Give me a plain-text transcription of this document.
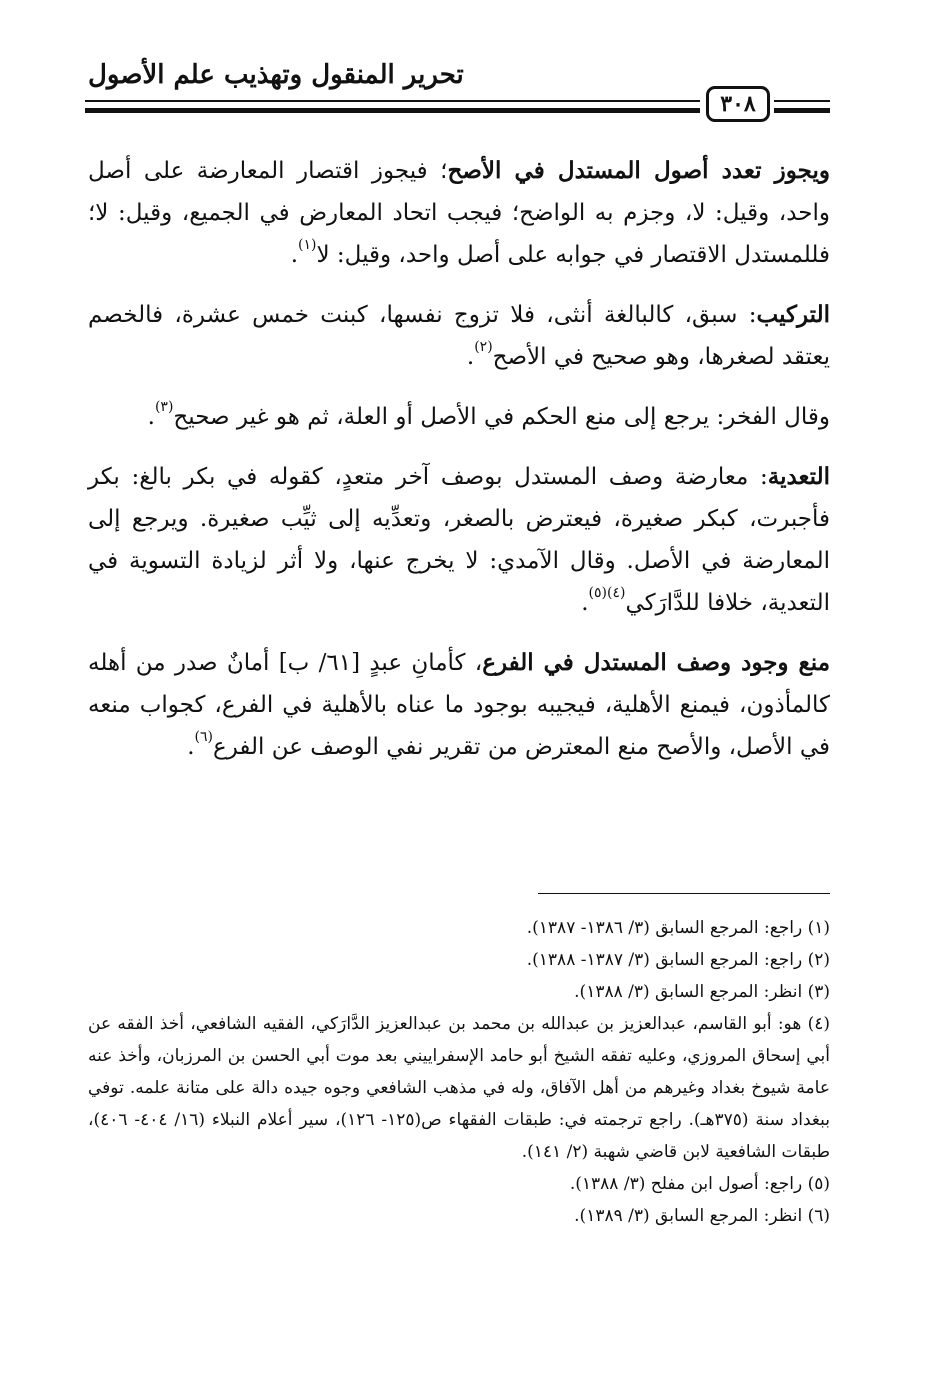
تحرير المنقول وتهذيب علم الأصول
٣٠٨

ويجوز تعدد أصول المستدل في الأصح؛ فيجوز اقتصار المعارضة على أصل واحد، وقيل: لا، وجزم به الواضح؛ فيجب اتحاد المعارض في الجميع، وقيل: لا؛ فللمستدل الاقتصار في جوابه على أصل واحد، وقيل: لا$^{(١)}$.

التركيب: سبق، كالبالغة أنثى، فلا تزوج نفسها، كبنت خمس عشرة، فالخصم يعتقد لصغرها، وهو صحيح في الأصح$^{(٢)}$.

وقال الفخر: يرجع إلى منع الحكم في الأصل أو العلة، ثم هو غير صحيح$^{(٣)}$.

التعدية: معارضة وصف المستدل بوصف آخر متعدٍ، كقوله في بكر بالغ: بكر فأجبرت، كبكر صغيرة، فيعترض بالصغر، وتعدِّيه إلى ثيِّب صغيرة. ويرجع إلى المعارضة في الأصل. وقال الآمدي: لا يخرج عنها، ولا أثر لزيادة التسوية في التعدية، خلافا للدَّارَكي$^{(٤)(٥)}$.

منع وجود وصف المستدل في الفرع، كأمانِ عبدٍ [٦١/ ب] أمانٌ صدر من أهله كالمأذون، فيمنع الأهلية، فيجيبه بوجود ما عناه بالأهلية في الفرع، كجواب منعه في الأصل، والأصح منع المعترض من تقرير نفي الوصف عن الفرع$^{(٦)}$.

(١) راجع: المرجع السابق (٣/ ١٣٨٦- ١٣٨٧).

(٢) راجع: المرجع السابق (٣/ ١٣٨٧- ١٣٨٨).

(٣) انظر: المرجع السابق (٣/ ١٣٨٨).

(٤) هو: أبو القاسم، عبدالعزيز بن عبدالله بن محمد بن عبدالعزيز الدَّارَكي، الفقيه الشافعي، أخذ الفقه عن أبي إسحاق المروزي، وعليه تفقه الشيخ أبو حامد الإسفراييني بعد موت أبي الحسن بن المرزبان، وأخذ عنه عامة شيوخ بغداد وغيرهم من أهل الآفاق، وله في مذهب الشافعي وجوه جيده دالة على متانة علمه. توفي ببغداد سنة (٣٧٥هـ). راجع ترجمته في: طبقات الفقهاء ص(١٢٥- ١٢٦)، سير أعلام النبلاء (١٦/ ٤٠٤- ٤٠٦)، طبقات الشافعية لابن قاضي شهبة (٢/ ١٤١).

(٥) راجع: أصول ابن مفلح (٣/ ١٣٨٨).

(٦) انظر: المرجع السابق (٣/ ١٣٨٩).
